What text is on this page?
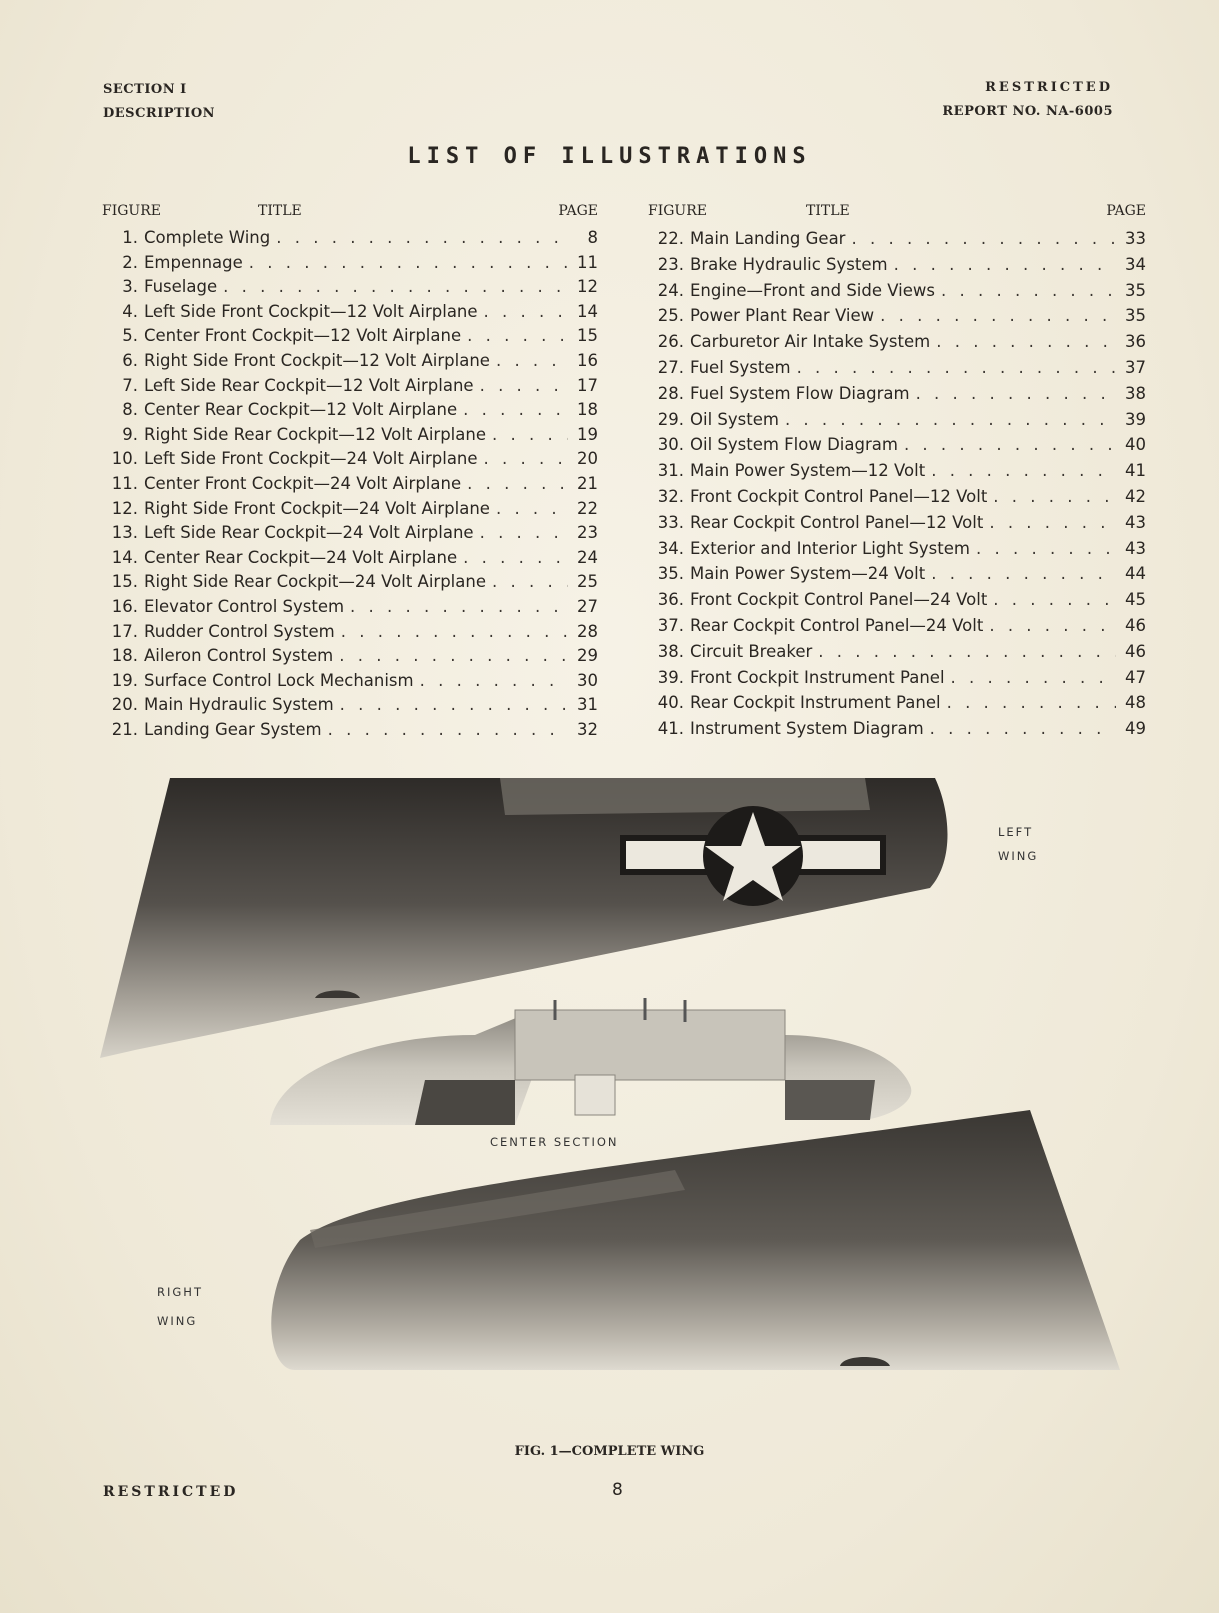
SECTION I
DESCRIPTION
RESTRICTED
REPORT NO. NA-6005
LIST OF ILLUSTRATIONS
FIGURE	TITLE	PAGE
1. Complete Wing . . .	8
2. Empennage . . .	11
3. Fuselage . . .	12
4. Left Side Front Cockpit—12 Volt Airplane . . .	14
5. Center Front Cockpit—12 Volt Airplane . . .	15
6. Right Side Front Cockpit—12 Volt Airplane . . .	16
7. Left Side Rear Cockpit—12 Volt Airplane . . .	17
8. Center Rear Cockpit—12 Volt Airplane . . .	18
9. Right Side Rear Cockpit—12 Volt Airplane . . .	19
10. Left Side Front Cockpit—24 Volt Airplane . . .	20
11. Center Front Cockpit—24 Volt Airplane . . .	21
12. Right Side Front Cockpit—24 Volt Airplane . . .	22
13. Left Side Rear Cockpit—24 Volt Airplane . . .	23
14. Center Rear Cockpit—24 Volt Airplane . . .	24
15. Right Side Rear Cockpit—24 Volt Airplane . . .	25
16. Elevator Control System . . .	27
17. Rudder Control System . . .	28
18. Aileron Control System . . .	29
19. Surface Control Lock Mechanism . . .	30
20. Main Hydraulic System . . .	31
21. Landing Gear System . . .	32
FIGURE	TITLE	PAGE
22. Main Landing Gear . . .	33
23. Brake Hydraulic System . . .	34
24. Engine—Front and Side Views . . .	35
25. Power Plant Rear View . . .	35
26. Carburetor Air Intake System . . .	36
27. Fuel System . . .	37
28. Fuel System Flow Diagram . . .	38
29. Oil System . . .	39
30. Oil System Flow Diagram . . .	40
31. Main Power System—12 Volt . . .	41
32. Front Cockpit Control Panel—12 Volt . . .	42
33. Rear Cockpit Control Panel—12 Volt . . .	43
34. Exterior and Interior Light System . . .	43
35. Main Power System—24 Volt . . .	44
36. Front Cockpit Control Panel—24 Volt . . .	45
37. Rear Cockpit Control Panel—24 Volt . . .	46
38. Circuit Breaker . . .	46
39. Front Cockpit Instrument Panel . . .	47
40. Rear Cockpit Instrument Panel . . .	48
41. Instrument System Diagram . . .	49
LEFT
WING
CENTER SECTION
RIGHT
WING
FIG. 1—COMPLETE WING
RESTRICTED	8
